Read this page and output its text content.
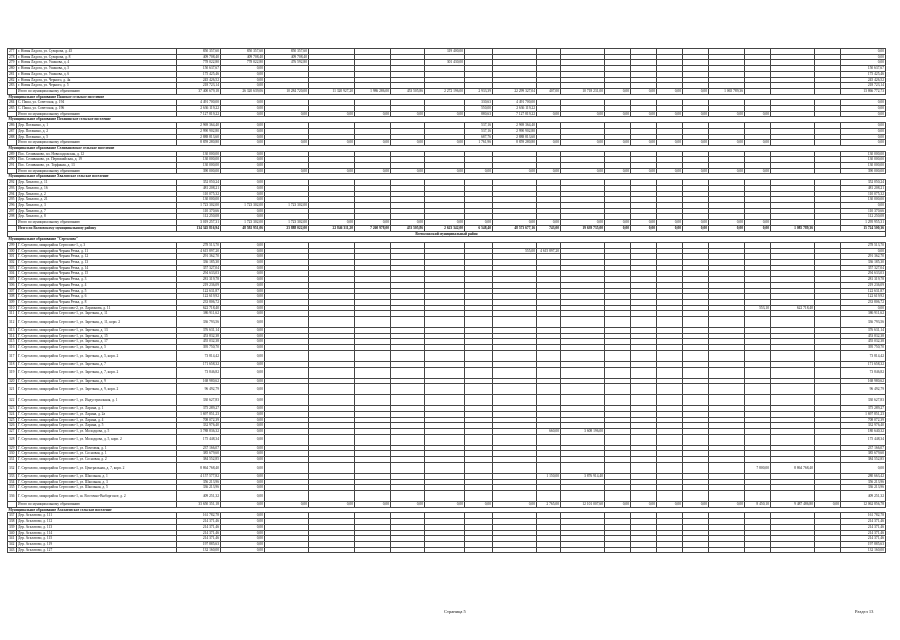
277	г. Новая Ладога, ул. Суворова, д. 45	850 357,60	850 357,60	850 357,60				319 400,00													0,00
278	г. Новая Ладога, ул. Суворова, д. 8	409 708,40	409 708,40	409 708,40																	0,00
279	г. Новая Ладога, ул. Ушакова, д. 4	778 022,80	778 022,80	476 592,80				301 430,00													0,00
280	г. Новая Ладога, ул. Ушакова, д. 5	150 637,67	0,00																		150 637,67
281	г. Новая Ладога, ул. Ушакова, д. 6	175 425,46	0,00																		175 425,46
282	г. Новая Ладога, ул. Черного, д. 4к	245 426,52	0,00																		245 426,52
283	г. Новая Ладога, ул. Черного, д. 5	218 723,14	0,00																		218 723,14
	Итого по муниципальному образованию	37 400 679,18	26 320 639,06	10 284 720,00	11 320 927,20	1 986 286,00	453 505,86	2 272 196,00	2 933,39	22 299 327,04	407,00	10 718 231,00	0,00	0,00	0,00	0,00	1 065 789,36				13 866 772,73
Муниципальное образование Пашское сельское поселение																					
284	С. Паша, ул. Советская, д. 194	4 491 700,00	0,00						330,63	4 491 700,00											0,00
285	С. Паша, ул. Советская, д. 196	2 636 119,22	0,00						550,00	2 636 119,22											0,00
	Итого по муниципальному образованию	7 127 819,22	0,00	0,00	0,00	0,00	0,00	0,00	880,63	7 127 819,22	0,00	0,00	0,00	0,00	0,00	0,00	0,00	0,00			0,00
Муниципальное образование Потанинское сельское поселение																					
286	Дер. Потанино, д. 1	2 969 364,40	0,00						537,16	2 969 364,40											0,00
287	Дер. Потанино, д. 2	2 990 902,80	0,00						537,16	2 990 902,80											0,00
288	Дер. Потанино, д. 5	2 888 813,60	0,00						687,76	2 888 813,60											0,00
	Итого по муниципальному образованию	8 859 280,80	0,00	0,00	0,00	0,00	0,00	0,00	1 761,96	8 859 280,80	0,00	0,00	0,00	0,00	0,00	0,00	0,00	0,00			0,00
Муниципальное образование Селивановское сельское поселение																					
289	Пос. Селиваново, пл. Новоладожская, д. 12	130 000,00	0,00																		130 000,00
290	Пос. Селиваново, ул. Первомайская, д. 19	130 000,00	0,00																		130 000,00
291	Пос. Селиваново, ул. Торфяная, д. 13	130 000,00	0,00																		130 000,00
	Итого по муниципальному образованию	390 000,00	0,00	0,00	0,00	0,00	0,00	0,00	0,00	0,00	0,00	0,00	0,00	0,00	0,00	0,00	0,00	0,00			390 000,00
Муниципальное образование Хваловское сельское поселение																					
292	Дер. Хвалово, д. 11	352 050,24	0,00																		352 050,24
293	Дер. Хвалово, д. 16	481 208,21	0,00																		481 208,21
294	Дер. Хвалово, д. 2	110 075,32	0,00																		110 075,32
295	Дер. Хвалово, д. 21	130 000,00	0,00																		130 000,00
296	Дер. Хвалово, д. 3	1 723 302,00	1 723 302,00	1 723 302,00																	0,00
297	Дер. Хвалово, д. 7	110 370,66	0,00																		110 370,66
298	Дер. Хвалово, д. 8	112 250,08	0,00																		112 250,08
	Итого по муниципальному образованию	3 019 257,31	1 723 302,00	1 723 302,00	0,00	0,00	0,00	0,00	0,00	0,00	0,00	0,00	0,00	0,00	0,00	0,00	0,00	0,00			1 295 955,31
	Итого по Волховскому муниципальному району	134 345 816,94	48 592 951,06	23 888 022,00	22 846 311,20	7 260 978,00	453 505,86	2 623 342,00	6 548,40	48 573 677,16	743,00	19 639 735,00	0,00	0,00	0,00	0,00	0,00	0,00	1 085 789,36		15 724 500,36
Всеволожский муниципальный район																					
Муниципальное образование "Сертолово"																					
299	Г. Сертолово, микрорайон Сертолово-1, д. 3	278 513,70	0,00																		278 513,70
300	Г. Сертолово, микрорайон Черная Речка, д. 11	4 615 897,20	0,00							555,00	4 615 897,20										0,00
301	Г. Сертолово, микрорайон Черная Речка, д. 12	291 362,70	0,00																		291 362,70
302	Г. Сертолово, микрорайон Черная Речка, д. 13	336 185,30	0,00																		336 185,30
303	Г. Сертолово, микрорайон Черная Речка, д. 14	357 327,04	0,00																		357 327,04
304	Г. Сертолово, микрорайон Черная Речка, д. 15	294 633,03	0,00																		294 633,03
305	Г. Сертолово, микрорайон Черная Речка, д. 3	281 319,78	0,00																		281 319,78
306	Г. Сертолово, микрорайон Черная Речка, д. 4	219 236,09	0,00																		219 236,09
307	Г. Сертолово, микрорайон Черная Речка, д. 5	122 631,87	0,00																		122 631,87
308	Г. Сертолово, микрорайон Черная Речка, д. 6	122 619,92	0,00																		122 619,92
309	Г. Сертолово, микрорайон Черная Речка, д. 8	233 806,72	0,00																		233 806,72
310	Г. Сертолово, микрорайон Сертолово-2, ул. Ларионова, д. 11	622 718,40	0,00															553,10	622 718,40		0,00
311	Г. Сертолово, микрорайон Сертолово-1, ул. Заречная, д. 11	386 911,62	0,00																		386 911,62
312	Г. Сертолово, микрорайон Сертолово-1, ул. Заречная, д. 11, корп. 2	336 793,56	0,00																		336 793,56
313	Г. Сертолово, микрорайон Сертолово-1, ул. Заречная, д. 13	376 631,14	0,00																		376 631,14
314	Г. Сертолово, микрорайон Сертолово-1, ул. Заречная, д. 15	453 832,38	0,00																		453 832,38
315	Г. Сертолово, микрорайон Сертолово-1, ул. Заречная, д. 17	455 032,38	0,00																		455 032,38
316	Г. Сертолово, микрорайон Сертолово-1, ул. Заречная, д. 5	395 750,70	0,00																		395 750,70
317	Г. Сертолово, микрорайон Сертолово-1, ул. Заречная, д. 5, корп. 2	73 814,42	0,00																		73 814,42
318	Г. Сертолово, микрорайон Сертолово-1, ул. Заречная, д. 7	171 658,32	0,00																		171 658,32
319	Г. Сертолово, микрорайон Сертолово-1, ул. Заречная, д. 7, корп. 2	73 846,82	0,00																		73 846,82
320	Г. Сертолово, микрорайон Сертолово-1, ул. Заречная, д. 9	168 980,62	0,00																		168 980,62
321	Г. Сертолово, микрорайон Сертолово-1, ул. Заречная, д. 9, корп. 2	96 492,79	0,00																		96 492,79
322	Г. Сертолово, микрорайон Сертолово-1, ул. Индустриальная, д. 1	330 627,83	0,00																		330 627,83
323	Г. Сертолово, микрорайон Сертолово-1, ул. Ларина, д. 1	375 289,27	0,00																		375 289,27
324	Г. Сертолово, микрорайон Сертолово-1, ул. Ларина, д. 2а	1 697 851,23	0,00																		1 697 851,23
325	Г. Сертолово, микрорайон Сертолово-1, ул. Ларина, д. 4	708 072,39	0,00																		708 072,39
326	Г. Сертолово, микрорайон Сертолово-1, ул. Ларина, д. 5	332 976,40	0,00																		332 976,40
327	Г. Сертолово, микрорайон Сертолово-1, ул. Молодцова, д. 5	3 788 836,32	0,00								660,00	3 608 196,00									180 640,32
328	Г. Сертолово, микрорайон Сертолово-1, ул. Молодцова, д. 5, корп. 2	175 448,34	0,00																		175 448,34
329	Г. Сертолово, микрорайон Сертолово-1, ул. Почтовая, д. 1	237 166,07	0,00																		237 166,07
330	Г. Сертолово, микрорайон Сертолово-1, ул. Сосновая, д. 1	385 679,60	0,00																		385 679,60
331	Г. Сертолово, микрорайон Сертолово-1, ул. Сосновая, д. 2	384 552,85	0,00																		384 552,85
332	Г. Сертолово, микрорайон Сертолово-1, ул. Центральная, д. 7, корп. 2	8 864 768,40	0,00															7 800,00	8 864 768,40		0,00
333	Г. Сертолово, микрорайон Сертолово-1, ул. Школьная, д. 1	4 157 577,82	0,00								1 150,00	3 876 914,40									280 663,42
334	Г. Сертолово, микрорайон Сертолово-1, ул. Школьная, д. 3	356 213,96	0,00																		356 213,96
335	Г. Сертолово, микрорайон Сертолово-1, ул. Школьная, д. 5	336 213,96	0,00																		336 213,96
336	Г. Сертолово, микрорайон Сертолово-1, ш. Восточно-Выборгское, д. 2	409 251,32	0,00																		409 251,32
	Итого по муниципальному образованию	33 650 351,18	0,00	0,00	0,00	0,00	0,00	0,00	0,00	0,00	2 765,00	12 101 007,60	0,00	0,00	0,00	0,00	0,00	8 450,10	9 487 486,80	0,00	12 062 856,78
Муниципальное образование Агалатовское сельское поселение																					
337	Дер. Агалатово, д. 111	161 782,78	0,00																		161 782,78
338	Дер. Агалатово, д. 112	214 371,46	0,00																		214 371,46
339	Дер. Агалатово, д. 113	214 371,46	0,00																		214 371,46
340	Дер. Агалатово, д. 114	214 371,46	0,00																		214 371,46
341	Дер. Агалатово, д. 115	214 371,46	0,00																		214 371,46
342	Дер. Агалатово, д. 119	197 885,63	0,00																		197 885,63
343	Дер. Агалатово, д. 127	132 160,00	0,00																		132 160,00
Страница 5	Раздел 13
